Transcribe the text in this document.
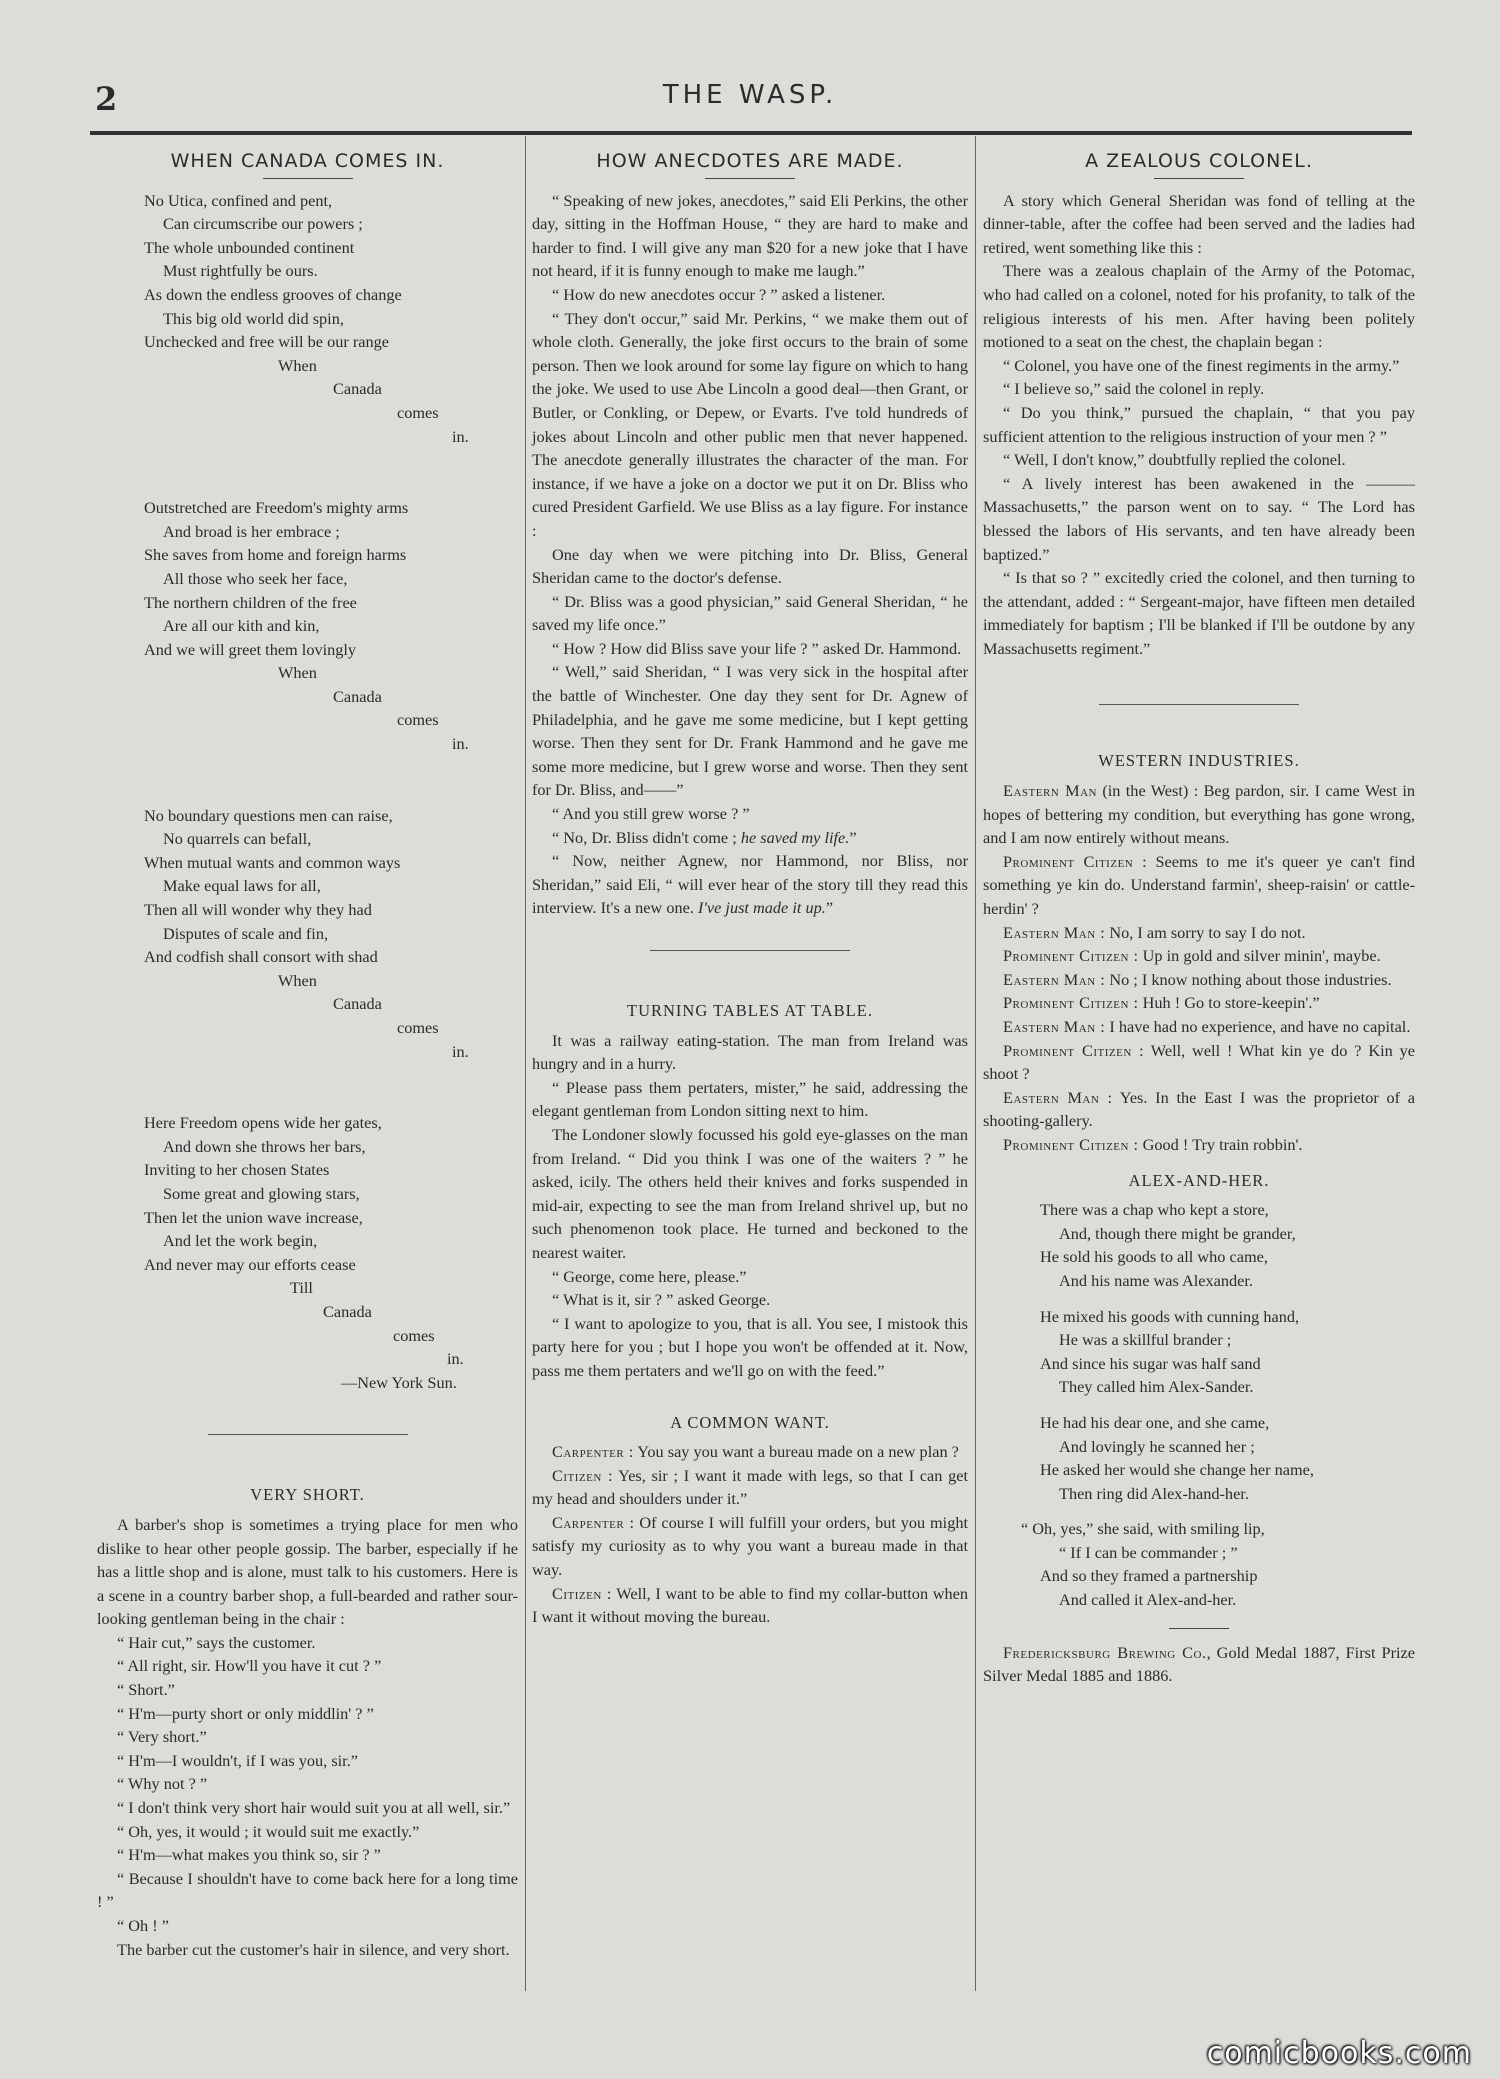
2	THE WASP.
WHEN CANADA COMES IN.
No Utica, confined and pent,
Can circumscribe our powers ;
The whole unbounded continent
Must rightfully be ours.
As down the endless grooves of change
This big old world did spin,
Unchecked and free will be our range
When
Canada
comes
in.
Outstretched are Freedom's mighty arms
And broad is her embrace ;
She saves from home and foreign harms
All those who seek her face,
The northern children of the free
Are all our kith and kin,
And we will greet them lovingly
When
Canada
comes
in.
No boundary questions men can raise,
No quarrels can befall,
When mutual wants and common ways
Make equal laws for all,
Then all will wonder why they had
Disputes of scale and fin,
And codfish shall consort with shad
When
Canada
comes
in.
Here Freedom opens wide her gates,
And down she throws her bars,
Inviting to her chosen States
Some great and glowing stars,
Then let the union wave increase,
And let the work begin,
And never may our efforts cease
Till
Canada
comes
in.
—New York Sun.
VERY SHORT.

A barber's shop is sometimes a trying place for men who dislike to hear other people gossip. The barber, especially if he has a little shop and is alone, must talk to his customers. Here is a scene in a country barber shop, a full-bearded and rather sour-looking gentleman being in the chair :

“ Hair cut,” says the customer.

“ All right, sir. How'll you have it cut ? ”

“ Short.”

“ H'm—purty short or only middlin' ? ”

“ Very short.”

“ H'm—I wouldn't, if I was you, sir.”

“ Why not ? ”

“ I don't think very short hair would suit you at all well, sir.”

“ Oh, yes, it would ; it would suit me exactly.”

“ H'm—what makes you think so, sir ? ”

“ Because I shouldn't have to come back here for a long time ! ”

“ Oh ! ”

The barber cut the customer's hair in silence, and very short.

HOW ANECDOTES ARE MADE.

“ Speaking of new jokes, anecdotes,” said Eli Perkins, the other day, sitting in the Hoffman House, “ they are hard to make and harder to find. I will give any man $20 for a new joke that I have not heard, if it is funny enough to make me laugh.”

“ How do new anecdotes occur ? ” asked a listener.

“ They don't occur,” said Mr. Perkins, “ we make them out of whole cloth. Generally, the joke first occurs to the brain of some person. Then we look around for some lay figure on which to hang the joke. We used to use Abe Lincoln a good deal—then Grant, or Butler, or Conkling, or Depew, or Evarts. I've told hundreds of jokes about Lincoln and other public men that never happened. The anecdote generally illustrates the character of the man. For instance, if we have a joke on a doctor we put it on Dr. Bliss who cured President Garfield. We use Bliss as a lay figure. For instance :

One day when we were pitching into Dr. Bliss, General Sheridan came to the doctor's defense.

“ Dr. Bliss was a good physician,” said General Sheridan, “ he saved my life once.”

“ How ? How did Bliss save your life ? ” asked Dr. Hammond.

“ Well,” said Sheridan, “ I was very sick in the hospital after the battle of Winchester. One day they sent for Dr. Agnew of Philadelphia, and he gave me some medicine, but I kept getting worse. Then they sent for Dr. Frank Hammond and he gave me some more medicine, but I grew worse and worse. Then they sent for Dr. Bliss, and——”

“ And you still grew worse ? ”

“ No, Dr. Bliss didn't come ; he saved my life.”

“ Now, neither Agnew, nor Hammond, nor Bliss, nor Sheridan,” said Eli, “ will ever hear of the story till they read this interview. It's a new one. I've just made it up.”

TURNING TABLES AT TABLE.

It was a railway eating-station. The man from Ireland was hungry and in a hurry.

“ Please pass them pertaters, mister,” he said, addressing the elegant gentleman from London sitting next to him.

The Londoner slowly focussed his gold eye-glasses on the man from Ireland. “ Did you think I was one of the waiters ? ” he asked, icily. The others held their knives and forks suspended in mid-air, expecting to see the man from Ireland shrivel up, but no such phenomenon took place. He turned and beckoned to the nearest waiter.

“ George, come here, please.”

“ What is it, sir ? ” asked George.

“ I want to apologize to you, that is all. You see, I mistook this party here for you ; but I hope you won't be offended at it. Now, pass me them pertaters and we'll go on with the feed.”

A COMMON WANT.

Carpenter : You say you want a bureau made on a new plan ?

Citizen : Yes, sir ; I want it made with legs, so that I can get my head and shoulders under it.”

Carpenter : Of course I will fulfill your orders, but you might satisfy my curiosity as to why you want a bureau made in that way.

Citizen : Well, I want to be able to find my collar-button when I want it without moving the bureau.

A ZEALOUS COLONEL.

A story which General Sheridan was fond of telling at the dinner-table, after the coffee had been served and the ladies had retired, went something like this :

There was a zealous chaplain of the Army of the Potomac, who had called on a colonel, noted for his profanity, to talk of the religious interests of his men. After having been politely motioned to a seat on the chest, the chaplain began :

“ Colonel, you have one of the finest regiments in the army.”

“ I believe so,” said the colonel in reply.

“ Do you think,” pursued the chaplain, “ that you pay sufficient attention to the religious instruction of your men ? ”

“ Well, I don't know,” doubtfully replied the colonel.

“ A lively interest has been awakened in the ——— Massachusetts,” the parson went on to say. “ The Lord has blessed the labors of His servants, and ten have already been baptized.”

“ Is that so ? ” excitedly cried the colonel, and then turning to the attendant, added : “ Sergeant-major, have fifteen men detailed immediately for baptism ; I'll be blanked if I'll be outdone by any Massachusetts regiment.”

WESTERN INDUSTRIES.

Eastern Man (in the West) : Beg pardon, sir. I came West in hopes of bettering my condition, but everything has gone wrong, and I am now entirely without means.

Prominent Citizen : Seems to me it's queer ye can't find something ye kin do. Understand farmin', sheep-raisin' or cattle-herdin' ?

Eastern Man : No, I am sorry to say I do not.

Prominent Citizen : Up in gold and silver minin', maybe.

Eastern Man : No ; I know nothing about those industries.

Prominent Citizen : Huh ! Go to store-keepin'.”

Eastern Man : I have had no experience, and have no capital.

Prominent Citizen : Well, well ! What kin ye do ? Kin ye shoot ?

Eastern Man : Yes. In the East I was the proprietor of a shooting-gallery.

Prominent Citizen : Good ! Try train robbin'.

ALEX-AND-HER.
There was a chap who kept a store,
And, though there might be grander,
He sold his goods to all who came,
And his name was Alexander.
He mixed his goods with cunning hand,
He was a skillful brander ;
And since his sugar was half sand
They called him Alex-Sander.
He had his dear one, and she came,
And lovingly he scanned her ;
He asked her would she change her name,
Then ring did Alex-hand-her.
“ Oh, yes,” she said, with smiling lip,
“ If I can be commander ; ”
And so they framed a partnership
And called it Alex-and-her.

Fredericksburg Brewing Co., Gold Medal 1887, First Prize Silver Medal 1885 and 1886.

comicbooks.com
